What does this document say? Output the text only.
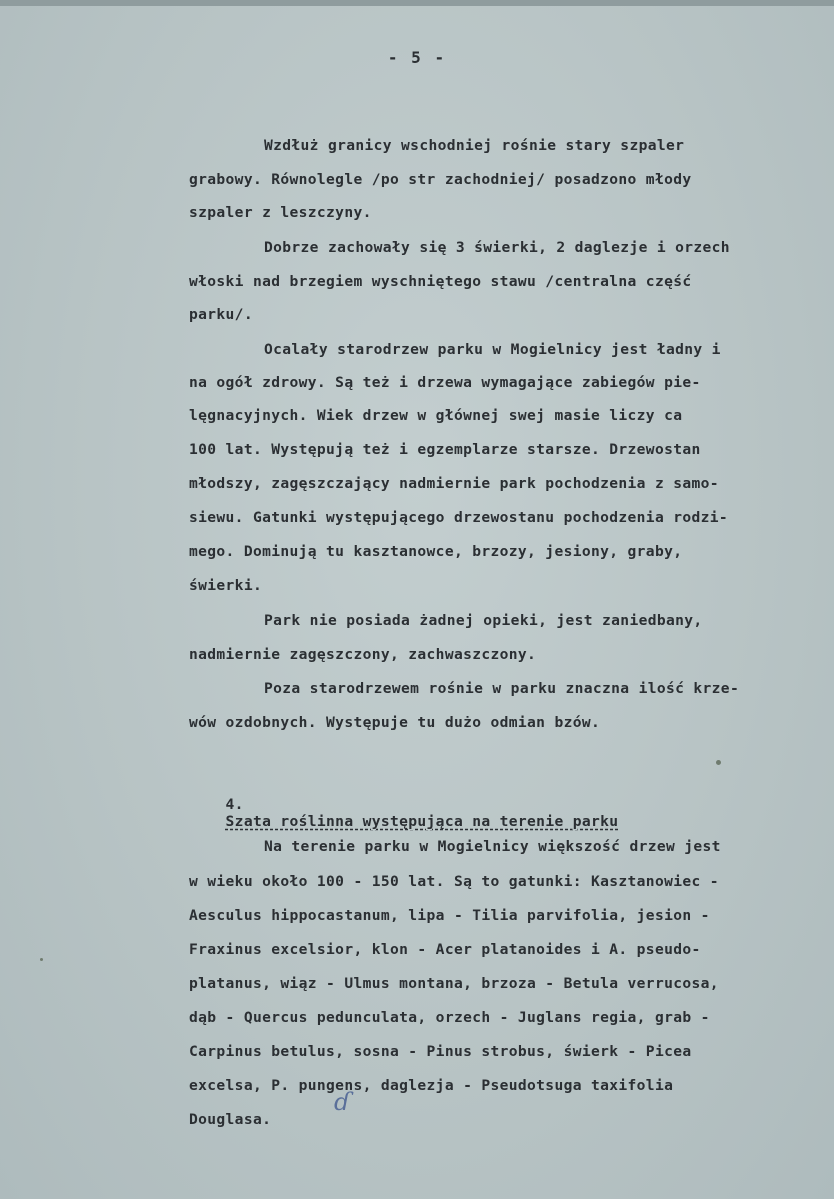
- 5 -
Wzdłuż granicy wschodniej rośnie stary szpaler
grabowy. Równolegle /po str zachodniej/ posadzono młody
szpaler z leszczyny.
Dobrze zachowały się 3 świerki, 2 daglezje i orzech
włoski nad brzegiem wyschniętego stawu /centralna część
parku/.
Ocalały starodrzew parku w Mogielnicy jest ładny i
na ogół zdrowy. Są też i drzewa wymagające zabiegów pie-
lęgnacyjnych. Wiek drzew w głównej swej masie liczy ca
100 lat. Występują też i egzemplarze starsze. Drzewostan
młodszy, zagęszczający nadmiernie park pochodzenia z samo-
siewu. Gatunki występującego drzewostanu pochodzenia rodzi-
mego. Dominują tu kasztanowce, brzozy, jesiony, graby,
świerki.
Park nie posiada żadnej opieki, jest zaniedbany,
nadmiernie zagęszczony, zachwaszczony.
Poza starodrzewem rośnie w parku znaczna ilość krze-
wów ozdobnych. Występuje tu dużo odmian bzów.

4.
Szata roślinna występująca na terenie parku

Na terenie parku w Mogielnicy większość drzew jest
w wieku około 100 - 150 lat. Są to gatunki: Kasztanowiec -
Aesculus hippocastanum, lipa - Tilia parvifolia, jesion -
Fraxinus excelsior, klon - Acer platanoides i A. pseudo-
platanus, wiąz - Ulmus montana, brzoza - Betula verrucosa,
dąb - Quercus pedunculata, orzech - Juglans regia, grab -
Carpinus betulus, sosna - Pinus strobus, świerk - Picea
excelsa, P. pungens, daglezja - Pseudotsuga taxifolia
Douglasa.
ɗ
